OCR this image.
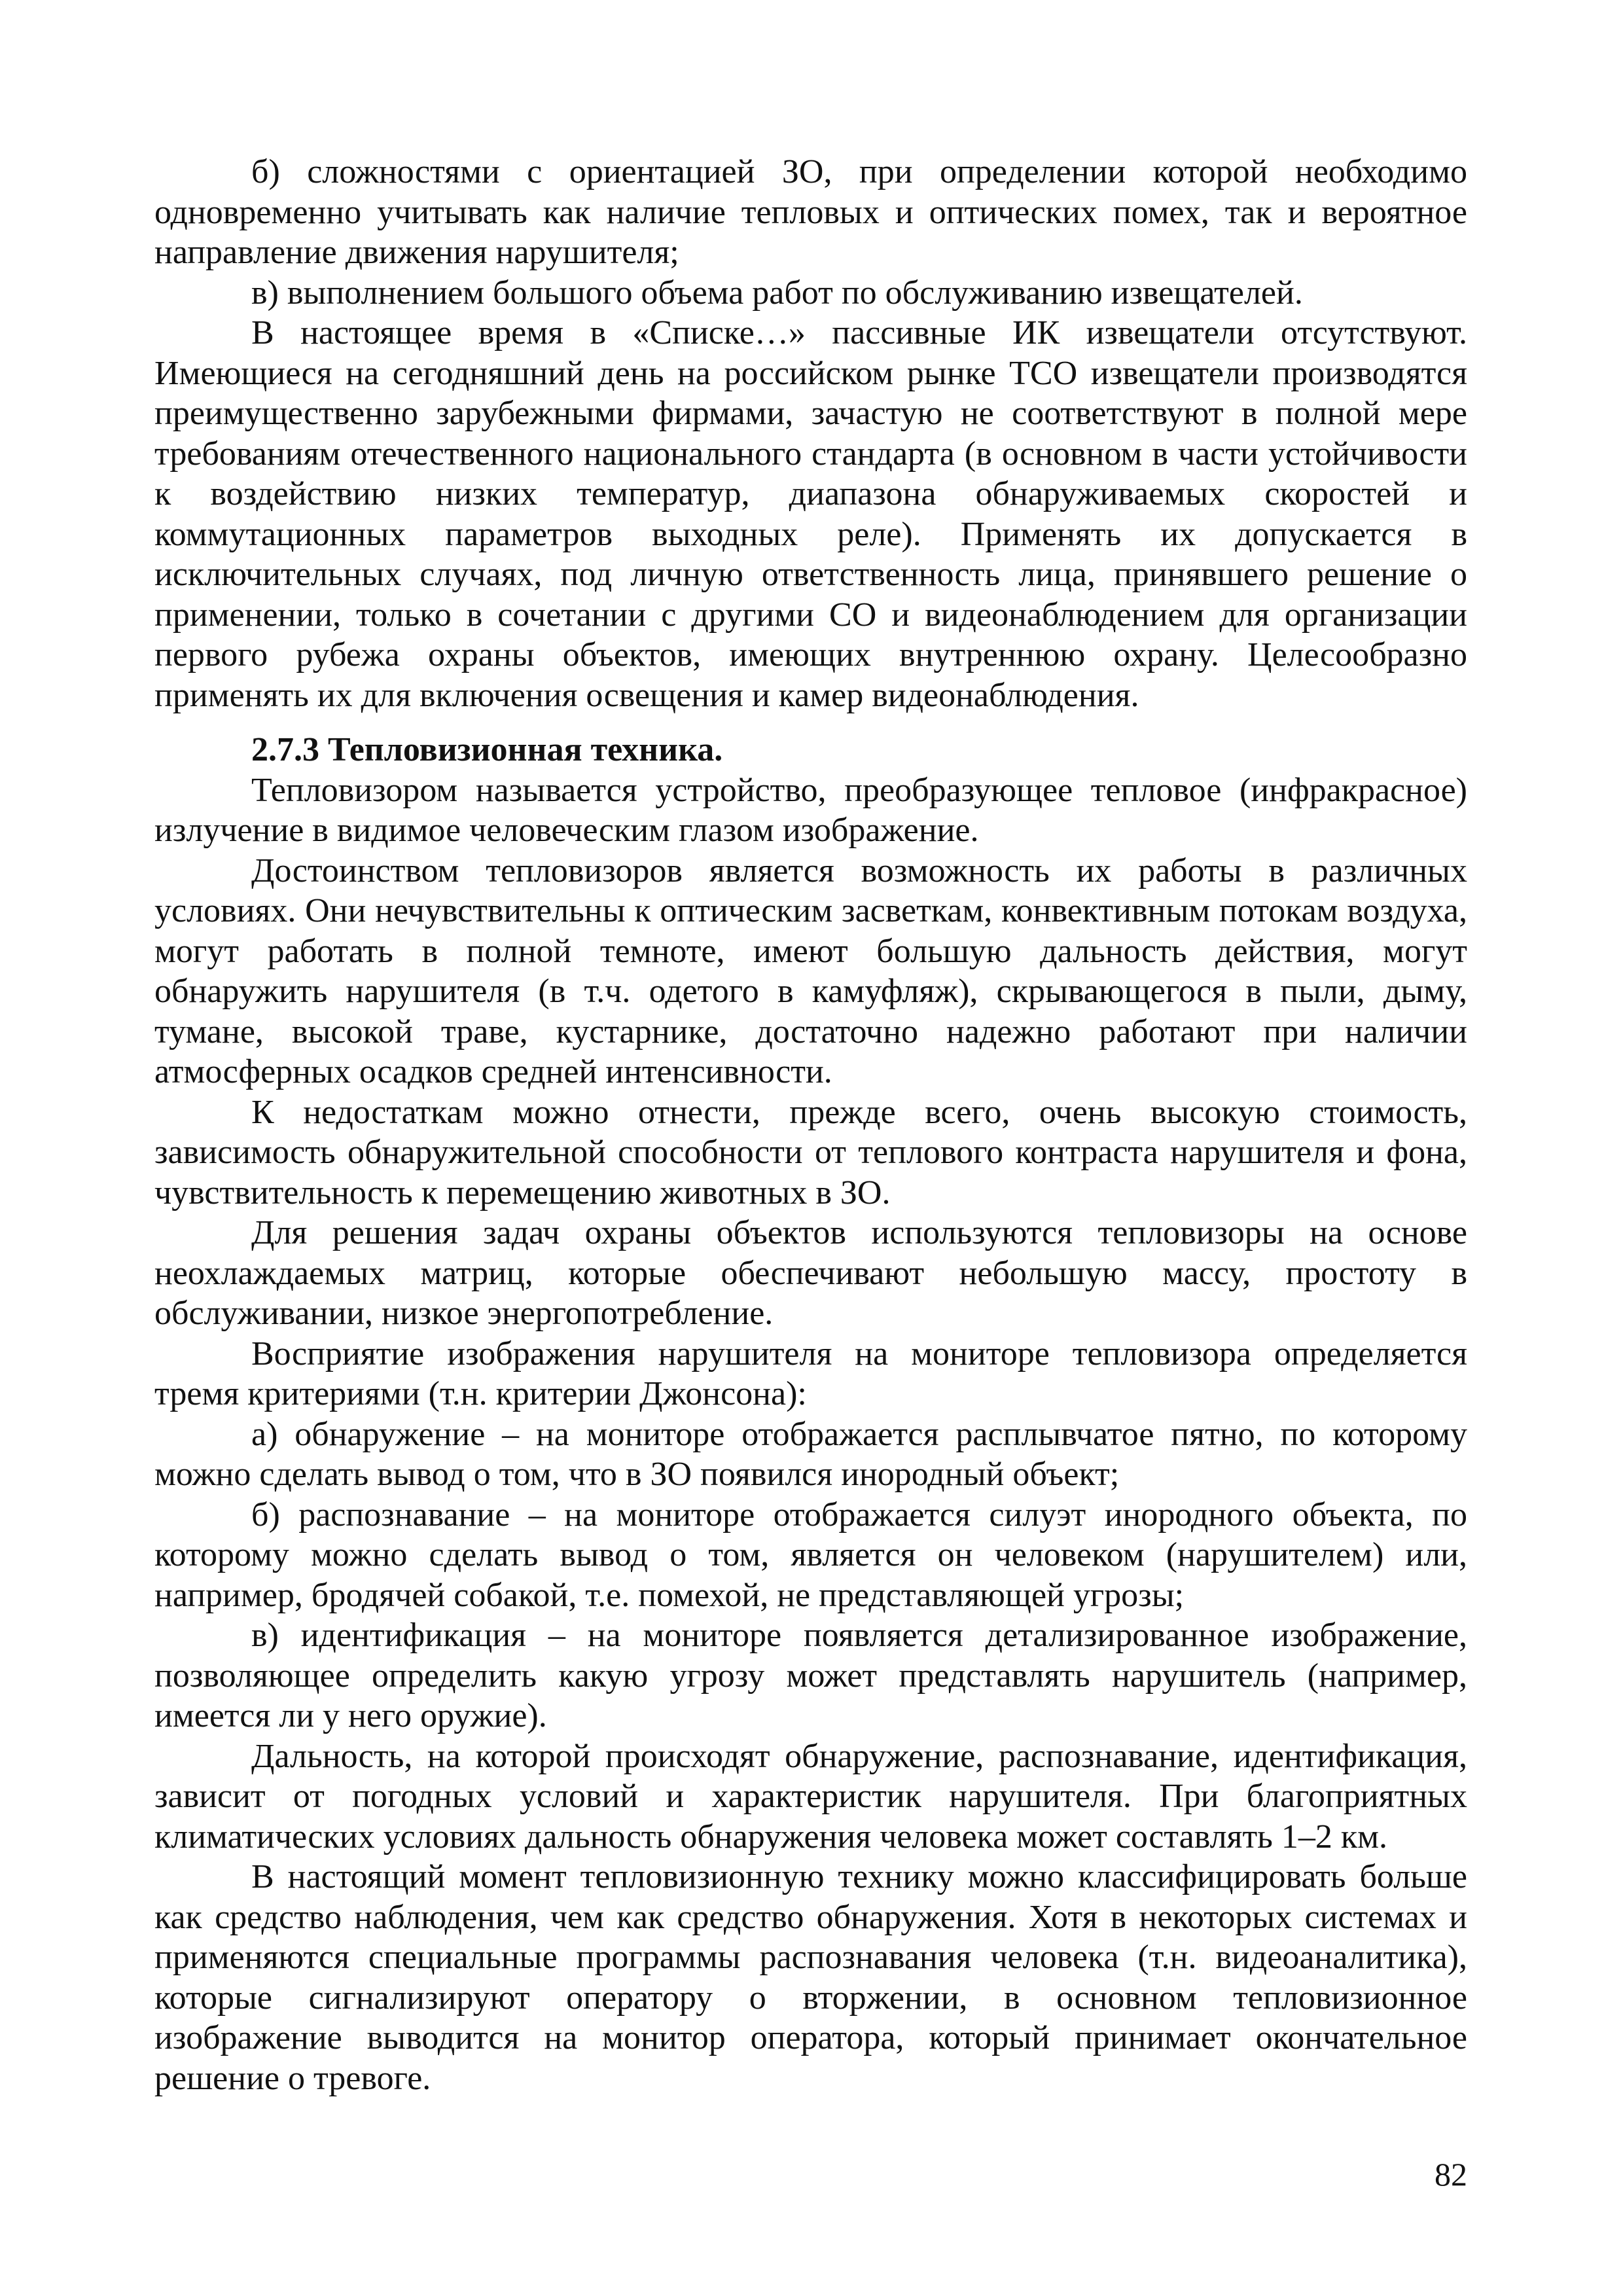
б) сложностями с ориентацией ЗО, при определении которой необходимо одновременно учитывать как наличие тепловых и оптических помех, так и вероятное направление движения нарушителя;

в) выполнением большого объема работ по обслуживанию извещателей.

В настоящее время в «Списке…» пассивные ИК извещатели отсутствуют. Имеющиеся на сегодняшний день на российском рынке ТСО извещатели производятся преимущественно зарубежными фирмами, зачастую не соответствуют в полной мере требованиям отечественного национального стандарта (в основном в части устойчивости к воздействию низких температур, диапазона обнаруживаемых скоростей и коммутационных параметров выходных реле). Применять их допускается в исключительных случаях, под личную ответственность лица, принявшего решение о применении, только в сочетании с другими СО и видеонаблюдением для организации первого рубежа охраны объектов, имеющих внутреннюю охрану. Целесообразно применять их для включения освещения и камер видеонаблюдения.

2.7.3 Тепловизионная техника.

Тепловизором называется устройство, преобразующее тепловое (инфракрасное) излучение в видимое человеческим глазом изображение.

Достоинством тепловизоров является возможность их работы в различных условиях. Они нечувствительны к оптическим засветкам, конвективным потокам воздуха, могут работать в полной темноте, имеют большую дальность действия, могут обнаружить нарушителя (в т.ч. одетого в камуфляж), скрывающегося в пыли, дыму, тумане, высокой траве, кустарнике, достаточно надежно работают при наличии атмосферных осадков средней интенсивности.

К недостаткам можно отнести, прежде всего, очень высокую стоимость, зависимость обнаружительной способности от теплового контраста нарушителя и фона, чувствительность к перемещению животных в ЗО.

Для решения задач охраны объектов используются тепловизоры на основе неохлаждаемых матриц, которые обеспечивают небольшую массу, простоту в обслуживании, низкое энергопотребление.

Восприятие изображения нарушителя на мониторе тепловизора определяется тремя критериями (т.н. критерии Джонсона):

а) обнаружение – на мониторе отображается расплывчатое пятно, по которому можно сделать вывод о том, что в ЗО появился инородный объект;

б) распознавание – на мониторе отображается силуэт инородного объекта, по которому можно сделать вывод о том, является он человеком (нарушителем) или, например, бродячей собакой, т.е. помехой, не представляющей угрозы;

в) идентификация – на мониторе появляется детализированное изображение, позволяющее определить какую угрозу может представлять нарушитель (например, имеется ли у него оружие).

Дальность, на которой происходят обнаружение, распознавание, идентификация, зависит от погодных условий и характеристик нарушителя. При благоприятных климатических условиях дальность обнаружения человека может составлять 1–2 км.

В настоящий момент тепловизионную технику можно классифицировать больше как средство наблюдения, чем как средство обнаружения. Хотя в некоторых системах и применяются специальные программы распознавания человека (т.н. видеоаналитика), которые сигнализируют оператору о вторжении, в основном тепловизионное изображение выводится на монитор оператора, который принимает окончательное решение о тревоге.

82
